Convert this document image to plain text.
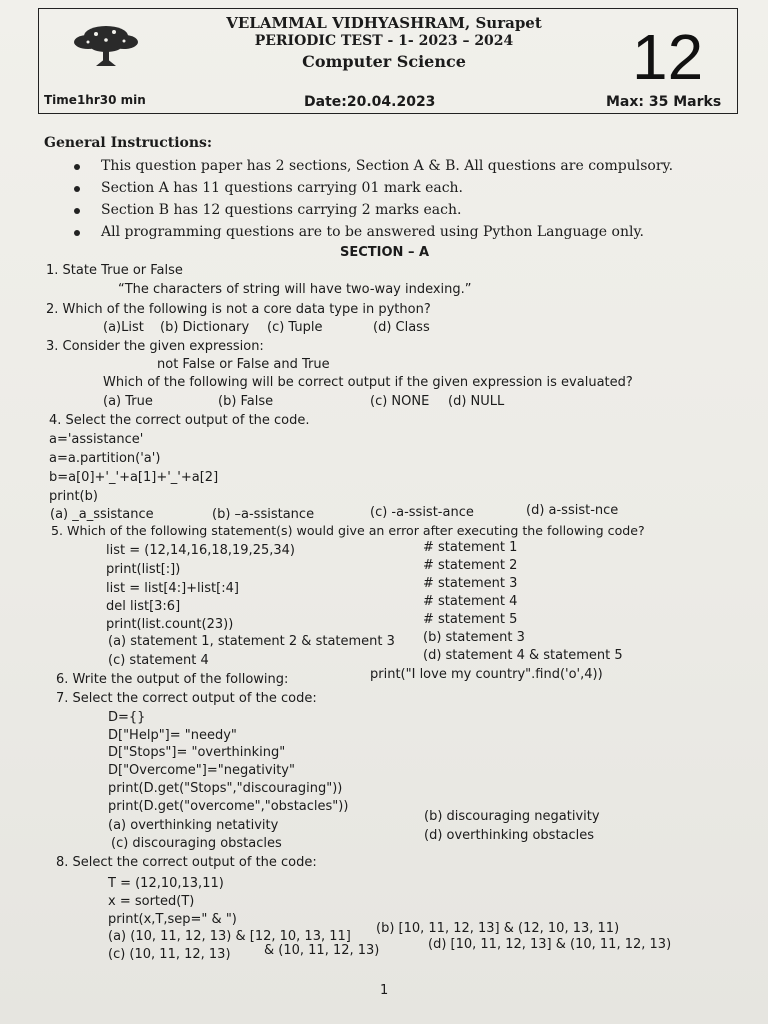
VELAMMAL VIDHYASHRAM, Surapet
PERIODIC TEST - 1- 2023 – 2024
Computer Science	12
Time1hr30 min	Date:20.04.2023	Max: 35 Marks
General Instructions:
This question paper has 2 sections, Section A & B. All questions are compulsory.
Section A has 11 questions carrying 01 mark each.
Section B has 12 questions carrying 2 marks each.
All programming questions are to be answered using Python Language only.
SECTION – A
1. State True or False
“The characters of string will have two-way indexing.”
2. Which of the following is not a core data type in python?
(a)List (b) Dictionary (c) Tuple	(d) Class
3. Consider the given expression:
not False or False and True
Which of the following will be correct output if the given expression is evaluated?
(a) True	(b) False	(c) NONE (d) NULL
4. Select the correct output of the code.
a='assistance'
a=a.partition('a')
b=a[0]+'_'+a[1]+'_'+a[2]
print(b)
(a) _a_ssistance	(b) –a-ssistance	(c) -a-ssist-ance	(d) a-ssist-nce
5. Which of the following statement(s) would give an error after executing the following code?
list = (12,14,16,18,19,25,34)
print(list[:])
list = list[4:]+list[:4]
del list[3:6]
print(list.count(23))
# statement 1
# statement 2
# statement 3
# statement 4
# statement 5
(a) statement 1, statement 2 & statement 3 (b) statement 3
(c) statement 4	(d) statement 4 & statement 5
6. Write the output of the following:	print("I love my country".find('o',4))
7. Select the correct output of the code:
D={}
D["Help"]= "needy"
D["Stops"]= "overthinking"
D["Overcome"]="negativity"
print(D.get("Stops","discouraging"))
print(D.get("overcome","obstacles"))
(a) overthinking netativity
(b) discouraging negativity
(c) discouraging obstacles
(d) overthinking obstacles
8. Select the correct output of the code:
T = (12,10,13,11)
x = sorted(T)
print(x,T,sep=" & ")
(a) (10, 11, 12, 13) & [12, 10, 13, 11]
(b) [10, 11, 12, 13] & (12, 10, 13, 11)
(c) (10, 11, 12, 13)	& (10, 11, 12, 13)	(d) [10, 11, 12, 13] & (10, 11, 12, 13)
1
